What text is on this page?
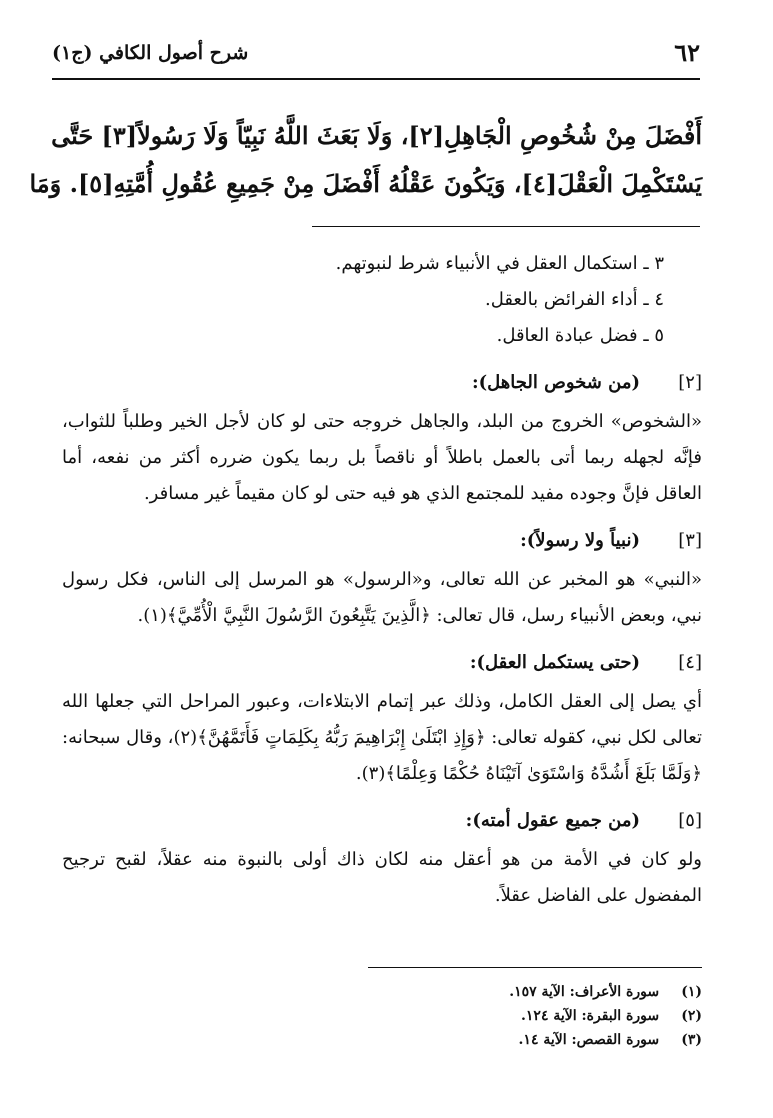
٦٢
شرح أصول الكافي (ج١)
أَفْضَلَ مِنْ شُخُوصِ الْجَاهِلِ[٢]، وَلَا بَعَثَ اللَّهُ نَبِيّاً وَلَا رَسُولاً[٣] حَتَّى
يَسْتَكْمِلَ الْعَقْلَ[٤]، وَيَكُونَ عَقْلُهُ أَفْضَلَ مِنْ جَمِيعِ عُقُولِ أُمَّتِهِ[٥]. وَمَا
٣ ـ استكمال العقل في الأنبياء شرط لنبوتهم.
٤ ـ أداء الفرائض بالعقل.
٥ ـ فضل عبادة العاقل.
[٢]
(من شخوص الجاهل):
«الشخوص» الخروج من البلد، والجاهل خروجه حتى لو كان لأجل الخير وطلباً للثواب، فإنَّه لجهله ربما أتى بالعمل باطلاً أو ناقصاً بل ربما يكون ضرره أكثر من نفعه، أما العاقل فإنَّ وجوده مفيد للمجتمع الذي هو فيه حتى لو كان مقيماً غير مسافر.
[٣]
(نبياً ولا رسولاً):
«النبي» هو المخبر عن الله تعالى، و«الرسول» هو المرسل إلى الناس، فكل رسول نبي، وبعض الأنبياء رسل، قال تعالى: ﴿الَّذِينَ يَتَّبِعُونَ الرَّسُولَ النَّبِيَّ الْأُمِّيَّ﴾(١).
[٤]
(حتى يستكمل العقل):
أي يصل إلى العقل الكامل، وذلك عبر إتمام الابتلاءات، وعبور المراحل التي جعلها الله تعالى لكل نبي، كقوله تعالى: ﴿وَإِذِ ابْتَلَىٰ إِبْرَاهِيمَ رَبُّهُ بِكَلِمَاتٍ فَأَتَمَّهُنَّ﴾(٢)، وقال سبحانه: ﴿وَلَمَّا بَلَغَ أَشُدَّهُ وَاسْتَوَىٰ آتَيْنَاهُ حُكْمًا وَعِلْمًا﴾(٣).
[٥]
(من جميع عقول أمته):
ولو كان في الأمة من هو أعقل منه لكان ذاك أولى بالنبوة منه عقلاً، لقبح ترجيح المفضول على الفاضل عقلاً.
(١) سورة الأعراف: الآية ١٥٧.
(٢) سورة البقرة: الآية ١٢٤.
(٣) سورة القصص: الآية ١٤.
